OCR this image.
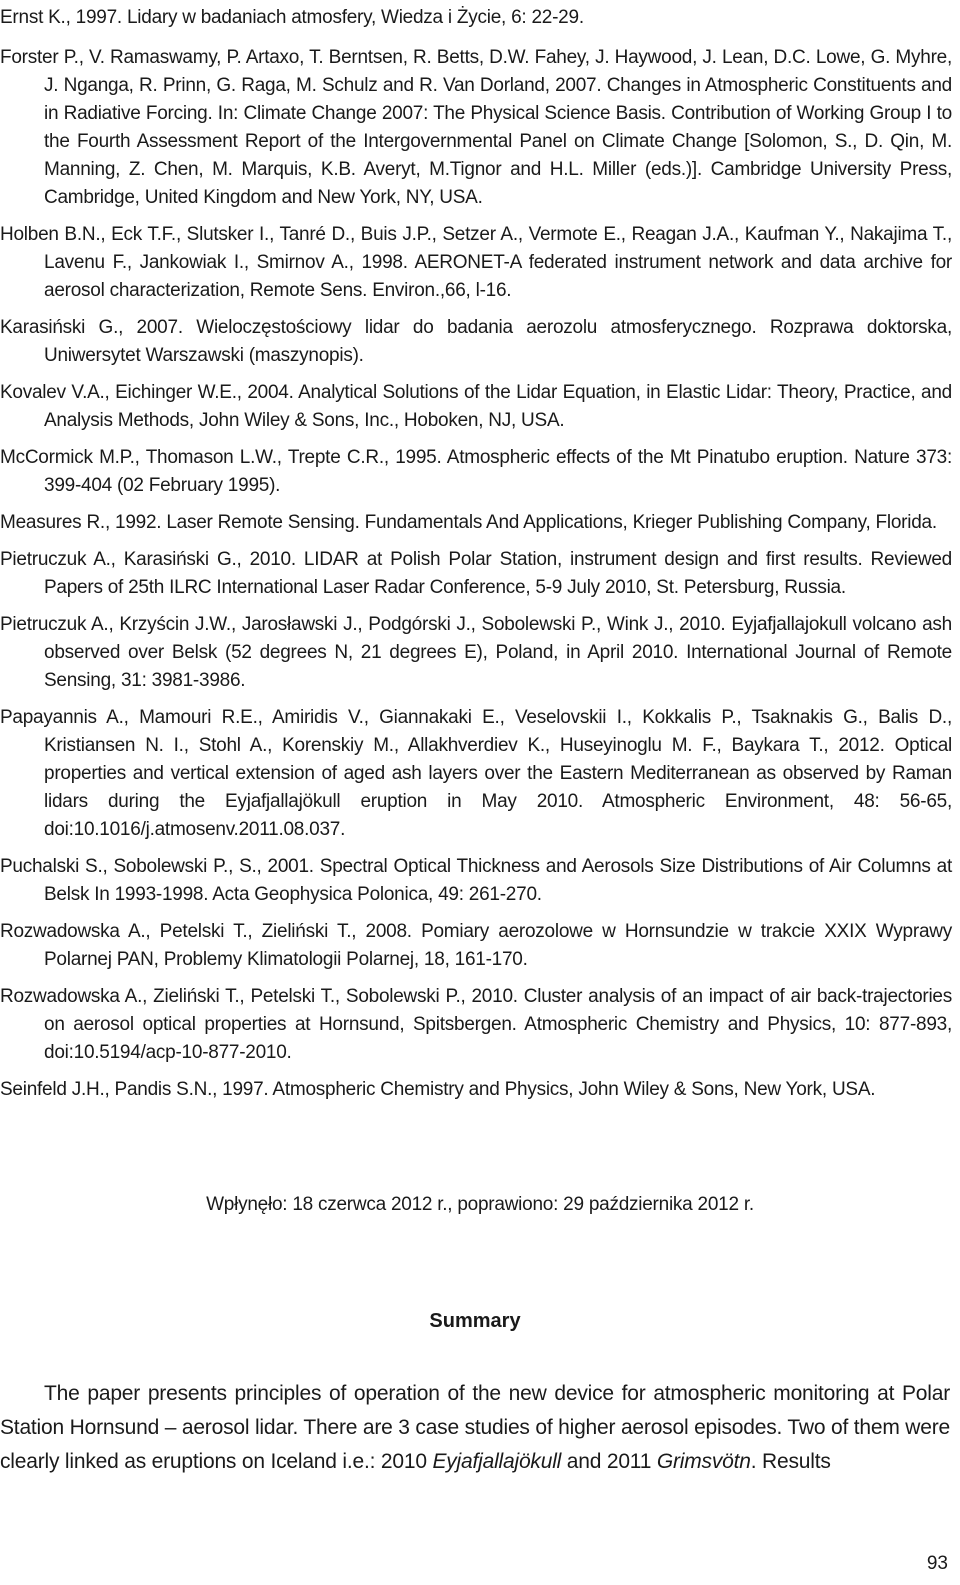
Ernst K., 1997. Lidary w badaniach atmosfery, Wiedza i Życie, 6: 22-29.

Forster P., V. Ramaswamy, P. Artaxo, T. Berntsen, R. Betts, D.W. Fahey, J. Haywood, J. Lean, D.C. Lowe, G. Myhre, J. Nganga, R. Prinn, G. Raga, M. Schulz and R. Van Dorland, 2007. Changes in Atmospheric Constituents and in Radiative Forcing. In: Climate Change 2007: The Physical Science Basis. Contribution of Working Group I to the Fourth Assessment Report of the Intergovernmental Panel on Climate Change [Solomon, S., D. Qin, M. Manning, Z. Chen, M. Marquis, K.B. Averyt, M.Tignor and H.L. Miller (eds.)]. Cambridge University Press, Cambridge, United Kingdom and New York, NY, USA.

Holben B.N., Eck T.F., Slutsker I., Tanré D., Buis J.P., Setzer A., Vermote E., Reagan J.A., Kaufman Y., Nakajima T., Lavenu F., Jankowiak I., Smirnov A., 1998. AERONET-A federated instrument network and data archive for aerosol characterization, Remote Sens. Environ.,66, l-16.

Karasiński G., 2007. Wieloczęstościowy lidar do badania aerozolu atmosferycznego. Rozprawa doktorska, Uniwersytet Warszawski (maszynopis).

Kovalev V.A., Eichinger W.E., 2004. Analytical Solutions of the Lidar Equation, in Elastic Lidar: Theory, Practice, and Analysis Methods, John Wiley & Sons, Inc., Hoboken, NJ, USA.

McCormick M.P., Thomason L.W., Trepte C.R., 1995. Atmospheric effects of the Mt Pinatubo eruption. Nature 373: 399-404 (02 February 1995).

Measures R., 1992. Laser Remote Sensing. Fundamentals And Applications, Krieger Publishing Company, Florida.

Pietruczuk A., Karasiński G., 2010. LIDAR at Polish Polar Station, instrument design and first results. Reviewed Papers of 25th ILRC International Laser Radar Conference, 5-9 July 2010, St. Petersburg, Russia.

Pietruczuk A., Krzyścin J.W., Jarosławski J., Podgórski J., Sobolewski P., Wink J., 2010. Eyjafjallajokull volcano ash observed over Belsk (52 degrees N, 21 degrees E), Poland, in April 2010. International Journal of Remote Sensing, 31: 3981-3986.

Papayannis A., Mamouri R.E., Amiridis V., Giannakaki E., Veselovskii I., Kokkalis P., Tsaknakis G., Balis D., Kristiansen N. I., Stohl A., Korenskiy M., Allakhverdiev K., Huseyinoglu M. F., Baykara T., 2012. Optical properties and vertical extension of aged ash layers over the Eastern Mediterranean as observed by Raman lidars during the Eyjafjallajökull eruption in May 2010. Atmospheric Environment, 48: 56-65, doi:10.1016/j.atmosenv.2011.08.037.

Puchalski S., Sobolewski P., S., 2001. Spectral Optical Thickness and Aerosols Size Distributions of Air Columns at Belsk In 1993-1998. Acta Geophysica Polonica, 49: 261-270.

Rozwadowska A., Petelski T., Zieliński T., 2008. Pomiary aerozolowe w Hornsundzie w trakcie XXIX Wyprawy Polarnej PAN, Problemy Klimatologii Polarnej, 18, 161-170.

Rozwadowska A., Zieliński T., Petelski T., Sobolewski P., 2010. Cluster analysis of an impact of air back-trajectories on aerosol optical properties at Hornsund, Spitsbergen. Atmospheric Chemistry and Physics, 10: 877-893, doi:10.5194/acp-10-877-2010.

Seinfeld J.H., Pandis S.N., 1997. Atmospheric Chemistry and Physics, John Wiley & Sons, New York, USA.

Wpłynęło: 18 czerwca 2012 r., poprawiono: 29 października 2012 r.
Summary

The paper presents principles of operation of the new device for atmospheric monitoring at Polar Station Hornsund – aerosol lidar. There are 3 case studies of higher aerosol episodes. Two of them were clearly linked as eruptions on Iceland i.e.: 2010 Eyjafjallajökull and 2011 Grimsvötn. Results

93
